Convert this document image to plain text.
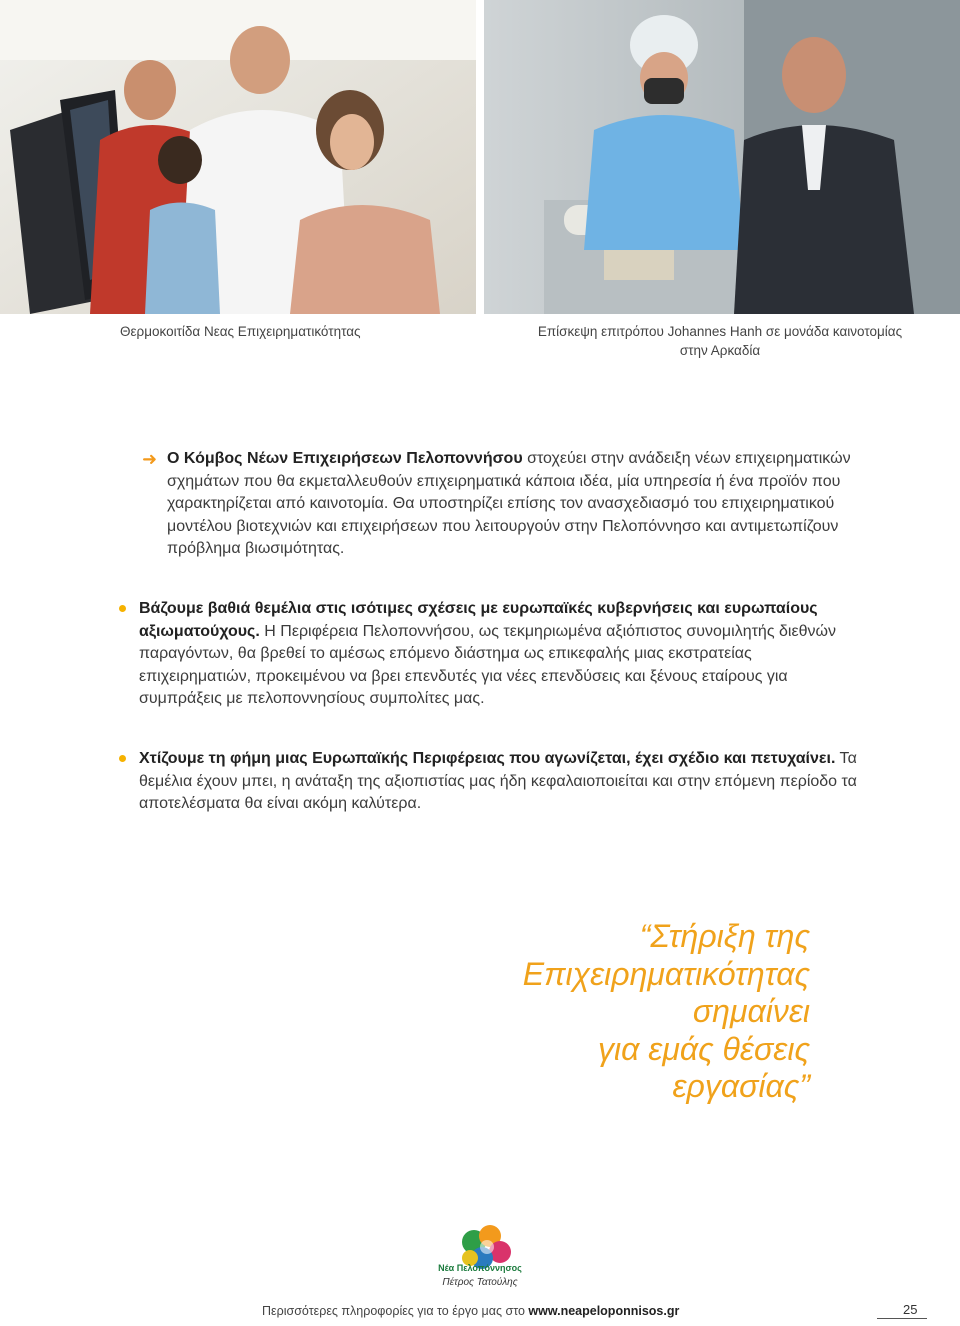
Θερμοκοιτίδα Νεας Επιχειρηματικότητας	Επίσκεψη επιτρόπου Johannes Hanh σε μονάδα καινοτομίας
στην Αρκαδία
➜ Ο Κόμβος Νέων Επιχειρήσεων Πελοποννήσου στοχεύει στην ανάδειξη νέων επιχειρηματικών σχημάτων που θα εκμεταλλευθούν επιχειρηματικά κάποια ιδέα, μία υπηρεσία ή ένα προϊόν που χαρακτηρίζεται από καινοτομία. Θα υποστηρίζει επίσης τον ανασχεδιασμό του επιχειρηματικού μοντέλου βιοτεχνιών και επιχειρήσεων που λειτουργούν στην Πελοπόννησο και αντιμετωπίζουν πρόβλημα βιωσιμότητας.
Βάζουμε βαθιά θεμέλια στις ισότιμες σχέσεις με ευρωπαϊκές κυβερνήσεις και ευρωπαίους αξιωματούχους. Η Περιφέρεια Πελοποννήσου, ως τεκμηριωμένα αξιόπιστος συνομιλητής διεθνών παραγόντων, θα βρεθεί το αμέσως επόμενο διάστημα ως επικεφαλής μιας εκστρατείας επιχειρηματιών, προκειμένου να βρει επενδυτές για νέες επενδύσεις και ξένους εταίρους για συμπράξεις με πελοποννησίους συμπολίτες μας.
Χτίζουμε τη φήμη μιας Ευρωπαϊκής Περιφέρειας που αγωνίζεται, έχει σχέδιο και πετυχαίνει. Τα θεμέλια έχουν μπει, η ανάταξη της αξιοπιστίας μας ήδη κεφαλαιοποιείται και στην επόμενη περίοδο τα αποτελέσματα θα είναι ακόμη καλύτερα.
“Στήριξη της
Επιχειρηματικότητας
σημαίνει
για εμάς θέσεις
εργασίας”
Νέα Πελοπόννησος
Πέτρος Τατούλης
Περισσότερες πληροφορίες για το έργο μας στο www.neapeloponnisos.gr	25
